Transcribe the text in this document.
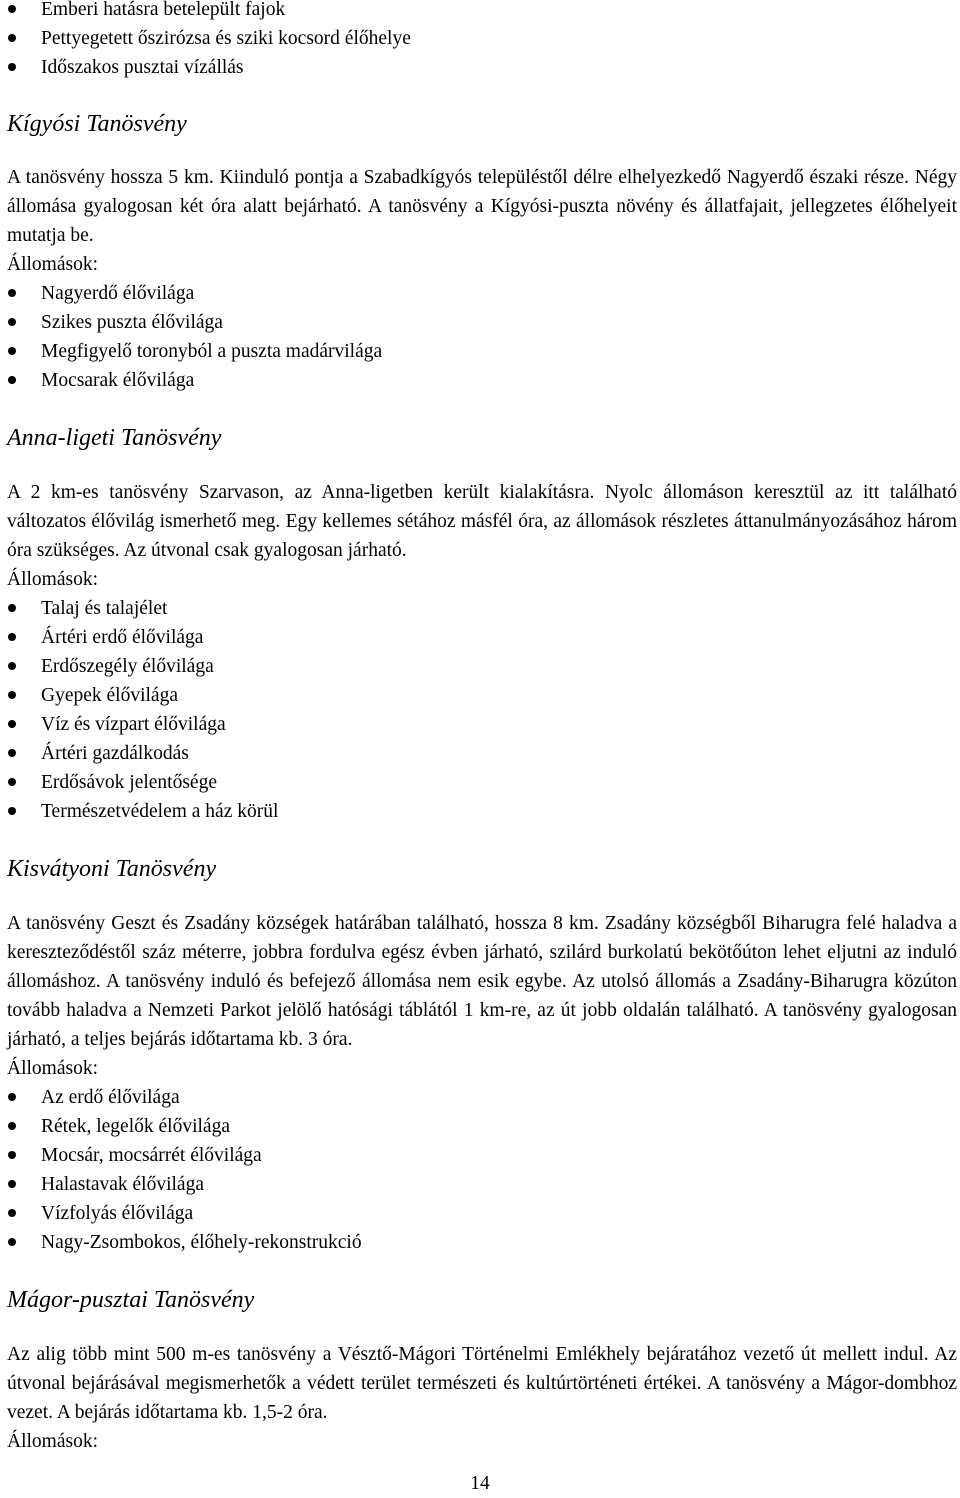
Emberi hatásra betelepült fajok
Pettyegetett őszirózsa és sziki kocsord élőhelye
Időszakos pusztai vízállás
Kígyósi Tanösvény

A tanösvény hossza 5 km. Kiinduló pontja a Szabadkígyós településtől délre elhelyezkedő Nagyerdő északi része. Négy állomása gyalogosan két óra alatt bejárható. A tanösvény a Kígyósi-puszta növény és állatfajait, jellegzetes élőhelyeit mutatja be.

Állomások:

Nagyerdő élővilága
Szikes puszta élővilága
Megfigyelő toronyból a puszta madárvilága
Mocsarak élővilága
Anna-ligeti Tanösvény

A 2 km-es tanösvény Szarvason, az Anna-ligetben került kialakításra. Nyolc állomáson keresztül az itt található változatos élővilág ismerhető meg. Egy kellemes sétához másfél óra, az állomások részletes áttanulmányozásához három óra szükséges. Az útvonal csak gyalogosan járható.

Állomások:

Talaj és talajélet
Ártéri erdő élővilága
Erdőszegély élővilága
Gyepek élővilága
Víz és vízpart élővilága
Ártéri gazdálkodás
Erdősávok jelentősége
Természetvédelem a ház körül
Kisvátyoni Tanösvény

A tanösvény Geszt és Zsadány községek határában található, hossza 8 km. Zsadány községből Biharugra felé haladva a kereszteződéstől száz méterre, jobbra fordulva egész évben járható, szilárd burkolatú bekötőúton lehet eljutni az induló állomáshoz. A tanösvény induló és befejező állomása nem esik egybe. Az utolsó állomás a Zsadány-Biharugra közúton tovább haladva a Nemzeti Parkot jelölő hatósági táblától 1 km-re, az út jobb oldalán található. A tanösvény gyalogosan járható, a teljes bejárás időtartama kb. 3 óra.

Állomások:

Az erdő élővilága
Rétek, legelők élővilága
Mocsár, mocsárrét élővilága
Halastavak élővilága
Vízfolyás élővilága
Nagy-Zsombokos, élőhely-rekonstrukció
Mágor-pusztai Tanösvény

Az alig több mint 500 m-es tanösvény a Vésztő-Mágori Történelmi Emlékhely bejáratához vezető út mellett indul. Az útvonal bejárásával megismerhetők a védett terület természeti és kultúrtörténeti értékei. A tanösvény a Mágor-dombhoz vezet. A bejárás időtartama kb. 1,5-2 óra.

Állomások:

14
